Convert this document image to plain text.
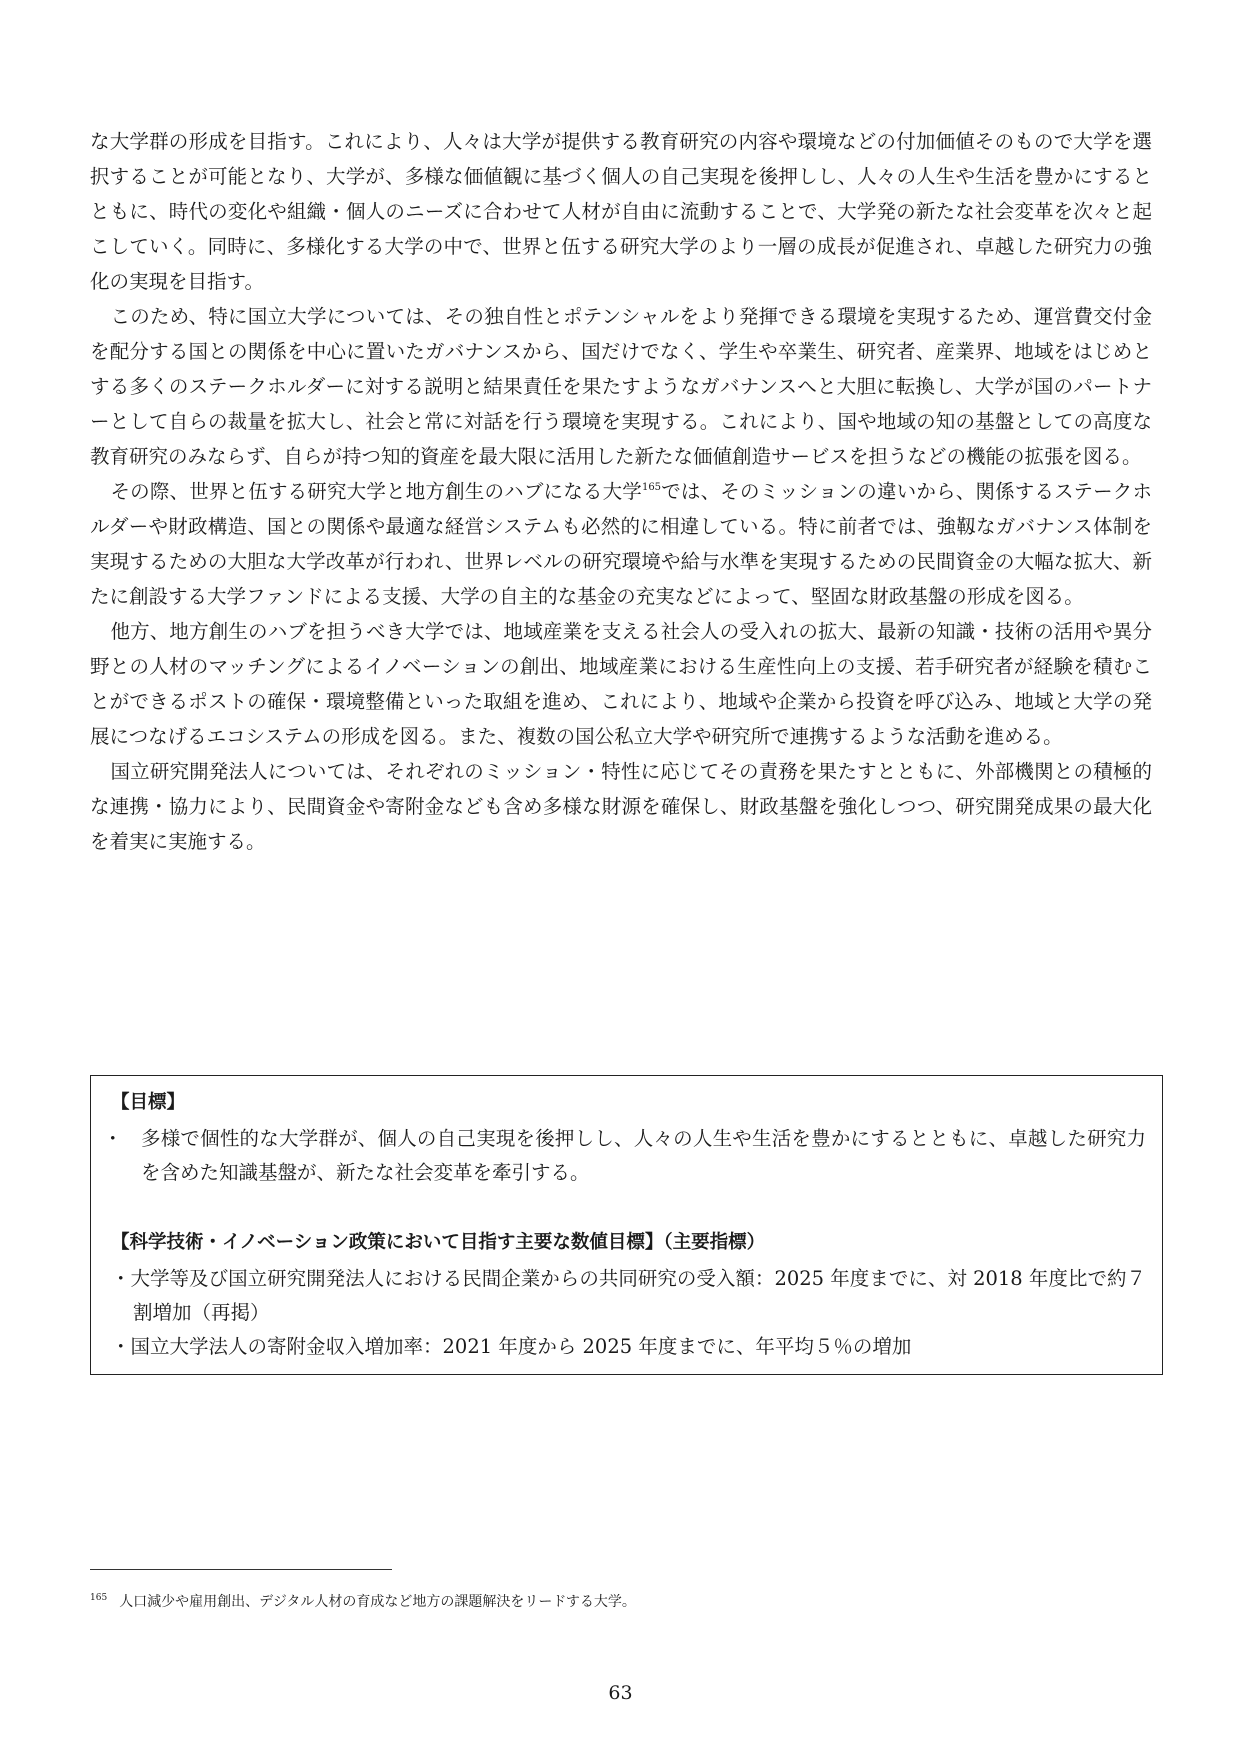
な大学群の形成を目指す。これにより、人々は大学が提供する教育研究の内容や環境などの付加価値そのもので大学を選択することが可能となり、大学が、多様な価値観に基づく個人の自己実現を後押しし、人々の人生や生活を豊かにするとともに、時代の変化や組織・個人のニーズに合わせて人材が自由に流動することで、大学発の新たな社会変革を次々と起こしていく。同時に、多様化する大学の中で、世界と伍する研究大学のより一層の成長が促進され、卓越した研究力の強化の実現を目指す。

このため、特に国立大学については、その独自性とポテンシャルをより発揮できる環境を実現するため、運営費交付金を配分する国との関係を中心に置いたガバナンスから、国だけでなく、学生や卒業生、研究者、産業界、地域をはじめとする多くのステークホルダーに対する説明と結果責任を果たすようなガバナンスへと大胆に転換し、大学が国のパートナーとして自らの裁量を拡大し、社会と常に対話を行う環境を実現する。これにより、国や地域の知の基盤としての高度な教育研究のみならず、自らが持つ知的資産を最大限に活用した新たな価値創造サービスを担うなどの機能の拡張を図る。

その際、世界と伍する研究大学と地方創生のハブになる大学$^{165}$では、そのミッションの違いから、関係するステークホルダーや財政構造、国との関係や最適な経営システムも必然的に相違している。特に前者では、強靱なガバナンス体制を実現するための大胆な大学改革が行われ、世界レベルの研究環境や給与水準を実現するための民間資金の大幅な拡大、新たに創設する大学ファンドによる支援、大学の自主的な基金の充実などによって、堅固な財政基盤の形成を図る。

他方、地方創生のハブを担うべき大学では、地域産業を支える社会人の受入れの拡大、最新の知識・技術の活用や異分野との人材のマッチングによるイノベーションの創出、地域産業における生産性向上の支援、若手研究者が経験を積むことができるポストの確保・環境整備といった取組を進め、これにより、地域や企業から投資を呼び込み、地域と大学の発展につなげるエコシステムの形成を図る。また、複数の国公私立大学や研究所で連携するような活動を進める。

国立研究開発法人については、それぞれのミッション・特性に応じてその責務を果たすとともに、外部機関との積極的な連携・協力により、民間資金や寄附金なども含め多様な財源を確保し、財政基盤を強化しつつ、研究開発成果の最大化を着実に実施する。

【目標】
・ 多様で個性的な大学群が、個人の自己実現を後押しし、人々の人生や生活を豊かにするとともに、卓越した研究力を含めた知識基盤が、新たな社会変革を牽引する。
【科学技術・イノベーション政策において目指す主要な数値目標】（主要指標）
・大学等及び国立研究開発法人における民間企業からの共同研究の受入額：2025 年度までに、対 2018 年度比で約７割増加（再掲）
・国立大学法人の寄附金収入増加率：2021 年度から 2025 年度までに、年平均５％の増加
$^{165}$ 人口減少や雇用創出、デジタル人材の育成など地方の課題解決をリードする大学。
63
